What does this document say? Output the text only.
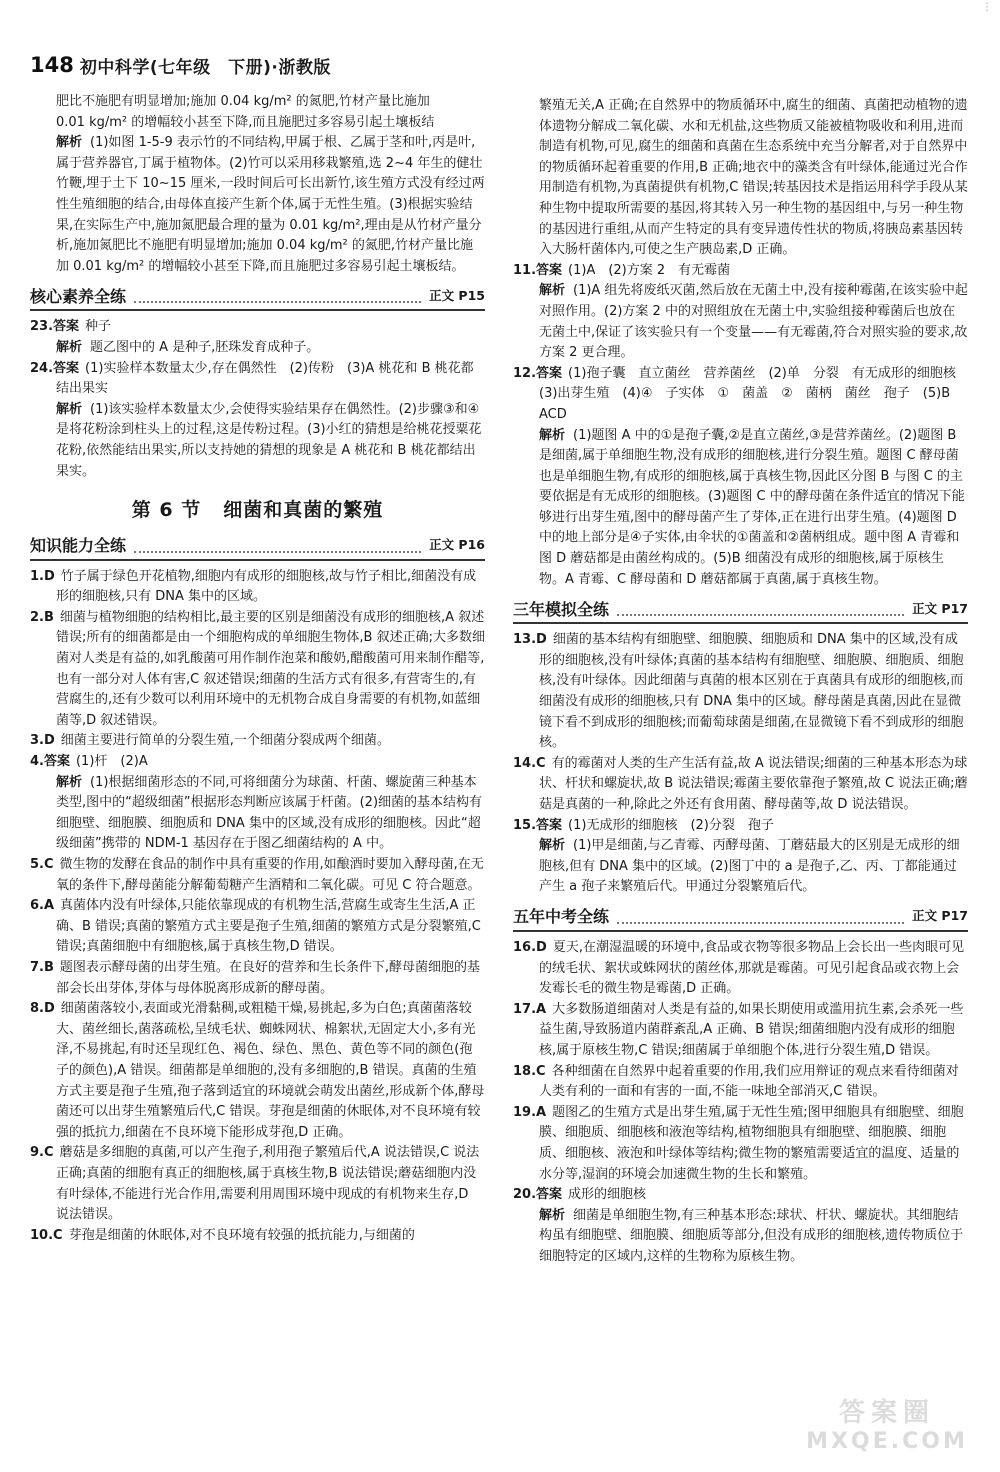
⋮
148 初中科学(七年级　下册)·浙教版

肥比不施肥有明显增加;施加 0.04 kg/m² 的氮肥,竹材产量比施加

0.01 kg/m² 的增幅较小甚至下降,而且施肥过多容易引起土壤板结

解析 (1)如图 1-5-9 表示竹的不同结构,甲属于根、乙属于茎和叶,丙是叶,属于营养器官,丁属于植物体。(2)竹可以采用移栽繁殖,选 2~4 年生的健壮竹鞭,埋于土下 10~15 厘米,一段时间后可长出新竹,该生殖方式没有经过两性生殖细胞的结合,由母体直接产生新个体,属于无性生殖。(3)根据实验结果,在实际生产中,施加氮肥最合理的量为 0.01 kg/m²,理由是从竹材产量分析,施加氮肥比不施肥有明显增加;施加 0.04 kg/m² 的氮肥,竹材产量比施加 0.01 kg/m² 的增幅较小甚至下降,而且施肥过多容易引起土壤板结。

核心素养全练	正文 P15

23.答案 种子

解析 题乙图中的 A 是种子,胚珠发育成种子。

24.答案 (1)实验样本数量太少,存在偶然性　(2)传粉　(3)A 桃花和 B 桃花都结出果实

解析 (1)该实验样本数量太少,会使得实验结果存在偶然性。(2)步骤③和④是将花粉涂到柱头上的过程,这是传粉过程。(3)小红的猜想是给桃花授粟花花粉,依然能结出果实,所以支持她的猜想的现象是 A 桃花和 B 桃花都结出果实。

第 6 节 细菌和真菌的繁殖
知识能力全练	正文 P16

1.D 竹子属于绿色开花植物,细胞内有成形的细胞核,故与竹子相比,细菌没有成形的细胞核,只有 DNA 集中的区域。

2.B 细菌与植物细胞的结构相比,最主要的区别是细菌没有成形的细胞核,A 叙述错误;所有的细菌都是由一个细胞构成的单细胞生物体,B 叙述正确;大多数细菌对人类是有益的,如乳酸菌可用作制作泡菜和酸奶,醋酸菌可用来制作醋等,也有一部分对人体有害,C 叙述错误;细菌的生活方式有很多,有营寄生的,有营腐生的,还有少数可以利用环境中的无机物合成自身需要的有机物,如蓝细菌等,D 叙述错误。

3.D 细菌主要进行简单的分裂生殖,一个细菌分裂成两个细菌。

4.答案 (1)杆　(2)A

解析 (1)根据细菌形态的不同,可将细菌分为球菌、杆菌、螺旋菌三种基本类型,图中的“超级细菌”根据形态判断应该属于杆菌。(2)细菌的基本结构有细胞壁、细胞膜、细胞质和 DNA 集中的区域,没有成形的细胞核。因此“超级细菌”携带的 NDM-1 基因存在于图乙细菌结构的 A 中。

5.C 微生物的发酵在食品的制作中具有重要的作用,如酿酒时要加入酵母菌,在无氧的条件下,酵母菌能分解葡萄糖产生酒精和二氧化碳。可见 C 符合题意。

6.A 真菌体内没有叶绿体,只能依靠现成的有机物生活,营腐生或寄生生活,A 正确、B 错误;真菌的繁殖方式主要是孢子生殖,细菌的繁殖方式是分裂繁殖,C 错误;真菌细胞中有细胞核,属于真核生物,D 错误。

7.B 题图表示酵母菌的出芽生殖。在良好的营养和生长条件下,酵母菌细胞的基部会长出芽体,芽体与母体脱离形成新的酵母菌。

8.D 细菌菌落较小,表面或光滑黏稠,或粗糙干燥,易挑起,多为白色;真菌菌落较大、菌丝细长,菌落疏松,呈绒毛状、蜘蛛网状、棉絮状,无固定大小,多有光泽,不易挑起,有时还呈现红色、褐色、绿色、黑色、黄色等不同的颜色(孢子的颜色),A 错误。细菌都是单细胞的,没有多细胞的,B 错误。真菌的生殖方式主要是孢子生殖,孢子落到适宜的环境就会萌发出菌丝,形成新个体,酵母菌还可以出芽生殖繁殖后代,C 错误。芽孢是细菌的休眠体,对不良环境有较强的抵抗力,细菌在不良环境下能形成芽孢,D 正确。

9.C 蘑菇是多细胞的真菌,可以产生孢子,利用孢子繁殖后代,A 说法错误,C 说法正确;真菌的细胞有真正的细胞核,属于真核生物,B 说法错误;蘑菇细胞内没有叶绿体,不能进行光合作用,需要利用周围环境中现成的有机物来生存,D 说法错误。

10.C 芽孢是细菌的休眠体,对不良环境有较强的抵抗能力,与细菌的

繁殖无关,A 正确;在自然界中的物质循环中,腐生的细菌、真菌把动植物的遗体遗物分解成二氧化碳、水和无机盐,这些物质又能被植物吸收和利用,进而制造有机物,可见,腐生的细菌和真菌在生态系统中充当分解者,对于自然界中的物质循环起着重要的作用,B 正确;地衣中的藻类含有叶绿体,能通过光合作用制造有机物,为真菌提供有机物,C 错误;转基因技术是指运用科学手段从某种生物中提取所需要的基因,将其转入另一种生物的基因组中,与另一种生物的基因进行重组,从而产生特定的具有变异遗传性状的物质,将胰岛素基因转入大肠杆菌体内,可使之生产胰岛素,D 正确。

11.答案 (1)A　(2)方案 2　有无霉菌

解析 (1)A 组先将废纸灭菌,然后放在无菌土中,没有接种霉菌,在该实验中起对照作用。(2)方案 2 中的对照组放在无菌土中,实验组接种霉菌后也放在无菌土中,保证了该实验只有一个变量——有无霉菌,符合对照实验的要求,故方案 2 更合理。

12.答案 (1)孢子囊　直立菌丝　营养菌丝　(2)单　分裂　有无成形的细胞核　(3)出芽生殖　(4)④　子实体　①　菌盖　②　菌柄　菌丝　孢子　(5)B　ACD

解析 (1)题图 A 中的①是孢子囊,②是直立菌丝,③是营养菌丝。(2)题图 B 是细菌,属于单细胞生物,没有成形的细胞核,进行分裂生殖。题图 C 酵母菌也是单细胞生物,有成形的细胞核,属于真核生物,因此区分图 B 与图 C 的主要依据是有无成形的细胞核。(3)题图 C 中的酵母菌在条件适宜的情况下能够进行出芽生殖,图中的酵母菌产生了芽体,正在进行出芽生殖。(4)题图 D 中的地上部分是④子实体,由伞状的①菌盖和②菌柄组成。题中图 A 青霉和图 D 蘑菇都是由菌丝构成的。(5)B 细菌没有成形的细胞核,属于原核生物。A 青霉、C 酵母菌和 D 蘑菇都属于真菌,属于真核生物。

三年模拟全练	正文 P17

13.D 细菌的基本结构有细胞壁、细胞膜、细胞质和 DNA 集中的区域,没有成形的细胞核,没有叶绿体;真菌的基本结构有细胞壁、细胞膜、细胞质、细胞核,没有叶绿体。因此细菌与真菌的根本区别在于真菌具有成形的细胞核,而细菌没有成形的细胞核,只有 DNA 集中的区域。酵母菌是真菌,因此在显微镜下看不到成形的细胞核;而葡萄球菌是细菌,在显微镜下看不到成形的细胞核。

14.C 有的霉菌对人类的生产生活有益,故 A 说法错误;细菌的三种基本形态为球状、杆状和螺旋状,故 B 说法错误;霉菌主要依靠孢子繁殖,故 C 说法正确;蘑菇是真菌的一种,除此之外还有食用菌、酵母菌等,故 D 说法错误。

15.答案 (1)无成形的细胞核　(2)分裂　孢子

解析 (1)甲是细菌,与乙青霉、丙酵母菌、丁蘑菇最大的区别是无成形的细胞核,但有 DNA 集中的区域。(2)图丁中的 a 是孢子,乙、丙、丁都能通过产生 a 孢子来繁殖后代。甲通过分裂繁殖后代。

五年中考全练	正文 P17

16.D 夏天,在潮湿温暖的环境中,食品或衣物等很多物品上会长出一些肉眼可见的绒毛状、絮状或蛛网状的菌丝体,那就是霉菌。可见引起食品或衣物上会发霉长毛的微生物是霉菌,D 正确。

17.A 大多数肠道细菌对人类是有益的,如果长期使用或滥用抗生素,会杀死一些益生菌,导致肠道内菌群紊乱,A 正确、B 错误;细菌细胞内没有成形的细胞核,属于原核生物,C 错误;细菌属于单细胞个体,进行分裂生殖,D 错误。

18.C 各种细菌在自然界中起着重要的作用,我们应用辩证的观点来看待细菌对人类有利的一面和有害的一面,不能一味地全部消灭,C 错误。

19.A 题图乙的生殖方式是出芽生殖,属于无性生殖;图甲细胞具有细胞壁、细胞膜、细胞质、细胞核和液泡等结构,植物细胞具有细胞壁、细胞膜、细胞质、细胞核、液泡和叶绿体等结构;微生物的繁殖需要适宜的温度、适量的水分等,湿润的环境会加速微生物的生长和繁殖。

20.答案 成形的细胞核

解析 细菌是单细胞生物,有三种基本形态:球状、杆状、螺旋状。其细胞结构虽有细胞壁、细胞膜、细胞质等部分,但没有成形的细胞核,遗传物质位于细胞特定的区域内,这样的生物称为原核生物。

答案圈
MXQE.COM
